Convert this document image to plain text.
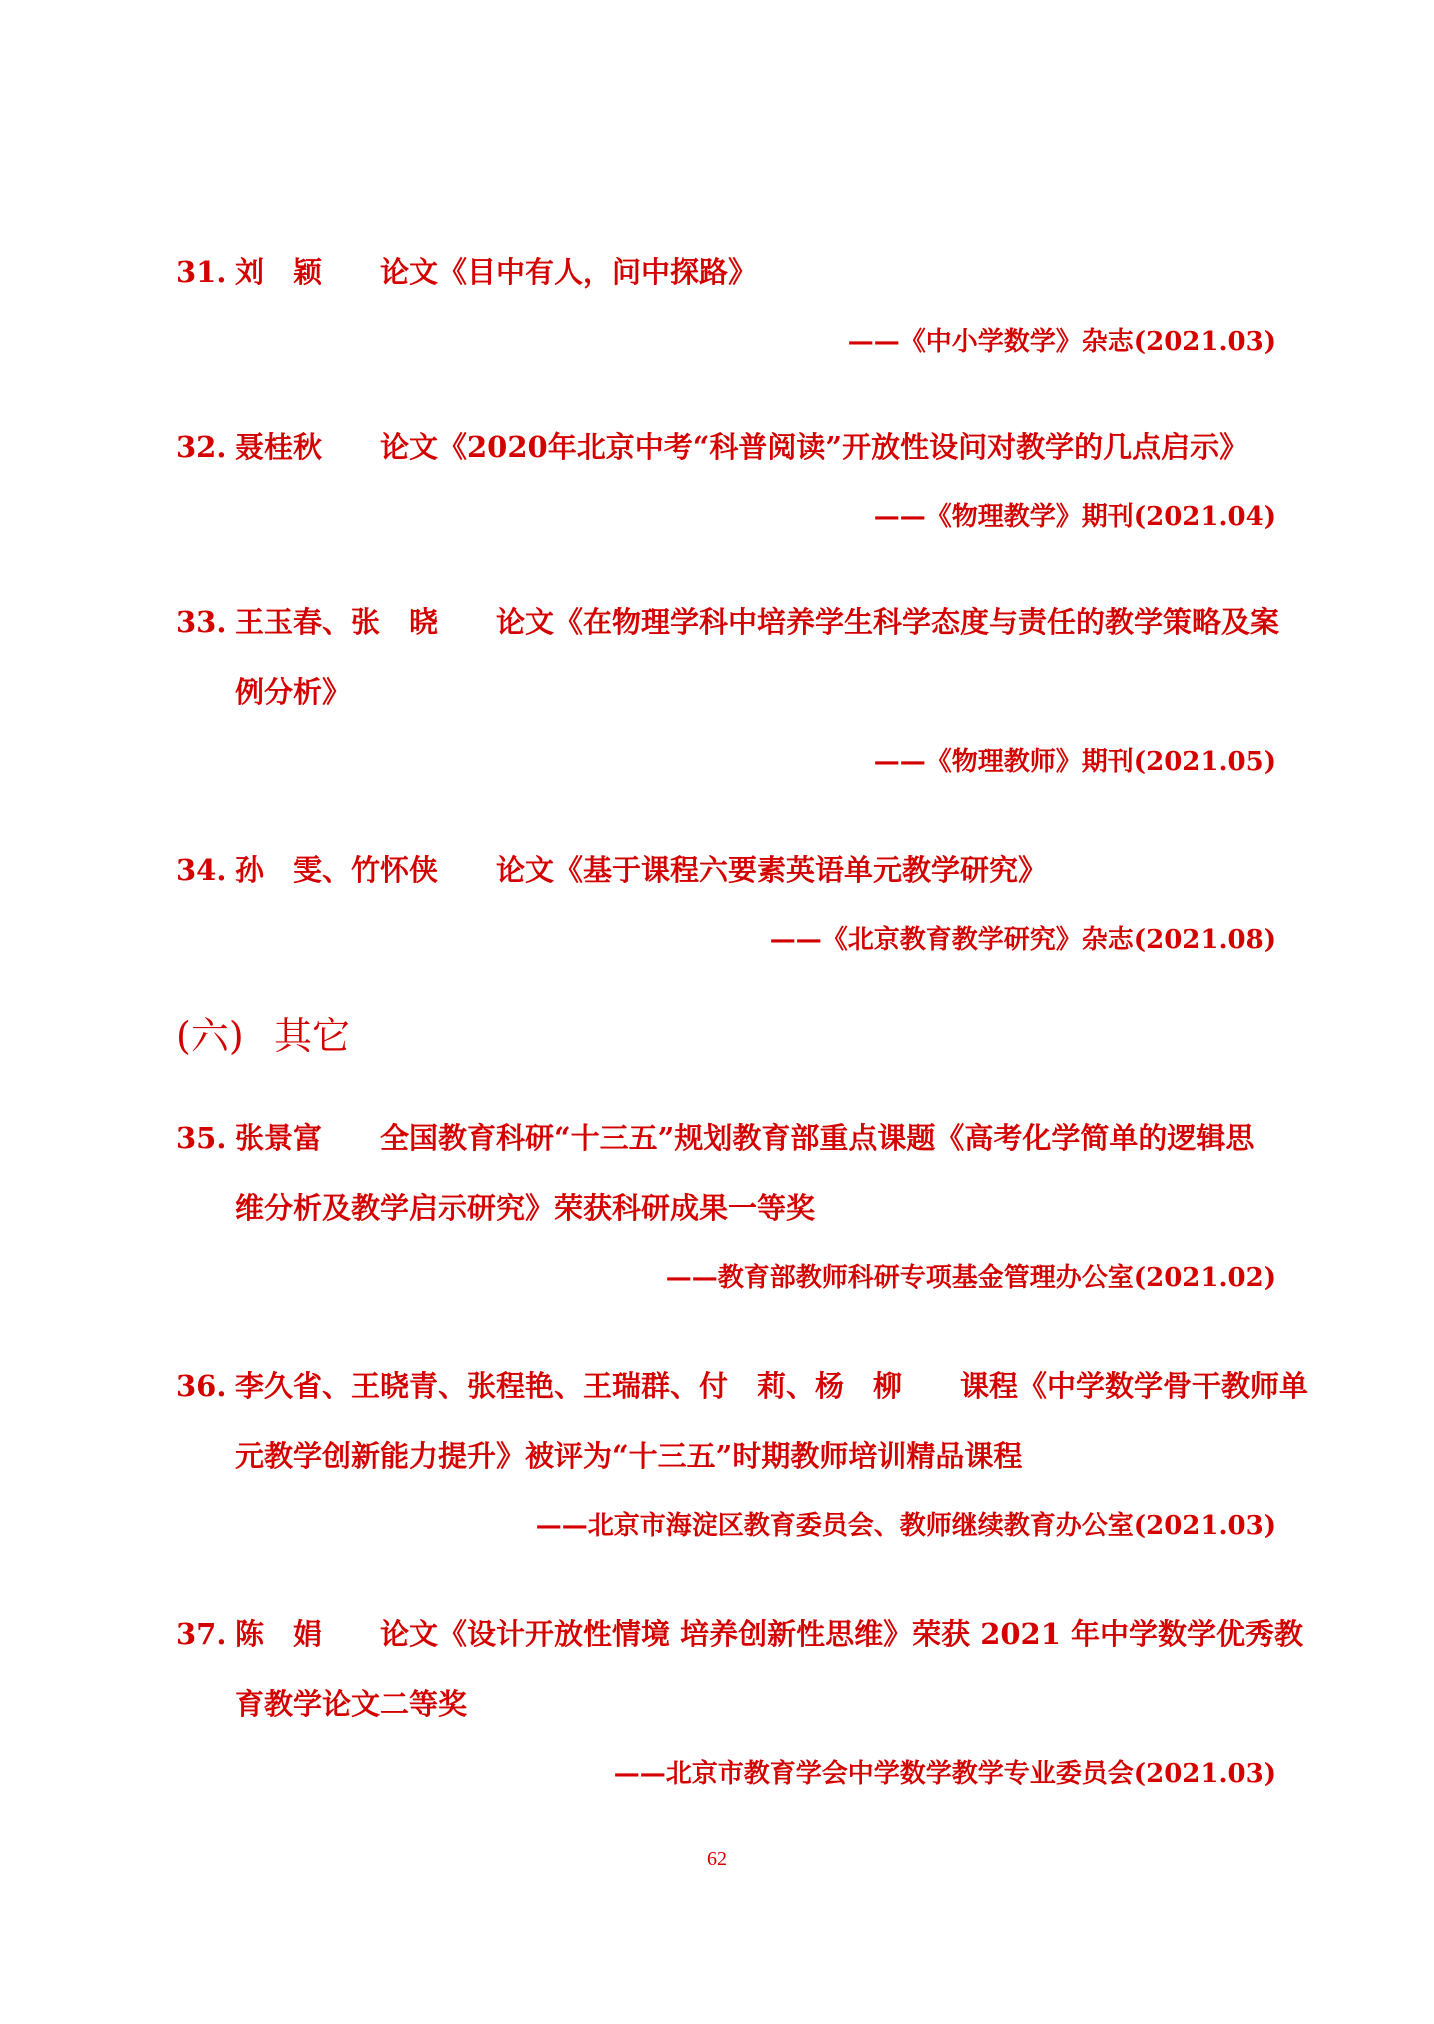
31. 刘　颖　　论文《目中有人，问中探路》
——《中小学数学》杂志(2021.03)
32. 聂桂秋　　论文《2020年北京中考“科普阅读”开放性设问对教学的几点启示》
——《物理教学》期刊(2021.04)
33. 王玉春、张　晓　　论文《在物理学科中培养学生科学态度与责任的教学策略及案
例分析》
——《物理教师》期刊(2021.05)
34. 孙　雯、竹怀侠　　论文《基于课程六要素英语单元教学研究》
——《北京教育教学研究》杂志(2021.08)
(六) 其它
35. 张景富　　全国教育科研“十三五”规划教育部重点课题《高考化学简单的逻辑思
维分析及教学启示研究》荣获科研成果一等奖
——教育部教师科研专项基金管理办公室(2021.02)
36. 李久省、王晓青、张程艳、王瑞群、付　莉、杨　柳　　课程《中学数学骨干教师单
元教学创新能力提升》被评为“十三五”时期教师培训精品课程
——北京市海淀区教育委员会、教师继续教育办公室(2021.03)
37. 陈　娟　　论文《设计开放性情境 培养创新性思维》荣获 2021 年中学数学优秀教
育教学论文二等奖
——北京市教育学会中学数学教学专业委员会(2021.03)
62
